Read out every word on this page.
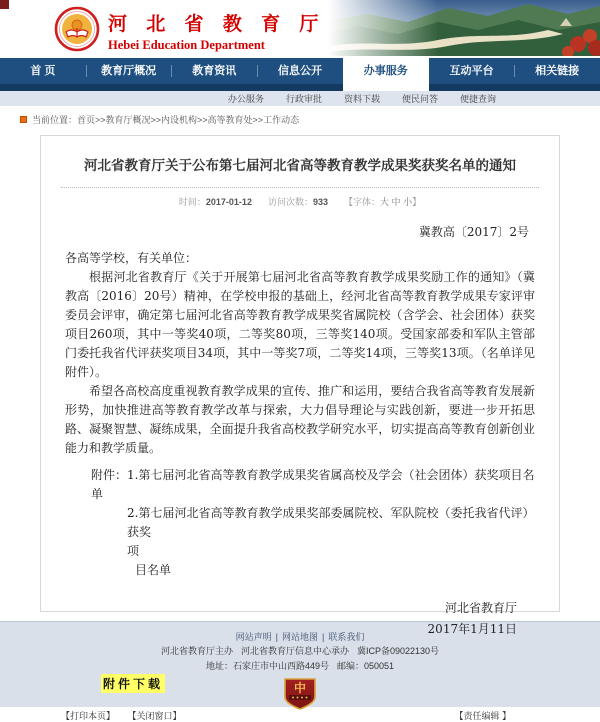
河 北 省 教 育 厅
Hebei Education Department
首 页	教育厅概况	教育资讯	信息公开	办事服务	互动平台	相关链接
办公服务 行政审批 资料下载 便民问答 便捷查询
当前位置： 首页>>教育厅概况>>内设机构>>高等教育处>>工作动态
河北省教育厅关于公布第七届河北省高等教育教学成果奖获奖名单的通知
时间：2017-01-12 访问次数：933 【字体：大 中 小】
冀教高〔2017〕2号
各高等学校，有关单位：
根据河北省教育厅《关于开展第七届河北省高等教育教学成果奖励工作的通知》（冀教高〔2016〕20号）精神，在学校申报的基础上，经河北省高等教育教学成果专家评审委员会评审，确定第七届河北省高等教育教学成果奖省属院校（含学会、社会团体）获奖项目260项，其中一等奖40项，二等奖80项，三等奖140项。受国家部委和军队主管部门委托我省代评获奖项目34项，其中一等奖7项，二等奖14项，三等奖13项。（名单详见附件）。
希望各高校高度重视教育教学成果的宣传、推广和运用，要结合我省高等教育发展新形势，加快推进高等教育教学改革与探索，大力倡导理论与实践创新，要进一步开拓思路、凝聚智慧、凝练成果，全面提升我省高校教学研究水平，切实提高高等教育创新创业能力和教学质量。
附件：1.第七届河北省高等教育教学成果奖省属高校及学会（社会团体）获奖项目名单
2.第七届河北省高等教育教学成果奖部委属院校、军队院校（委托我省代评）获奖
项
目名单
河北省教育厅
2017年1月11日
附件下载
【打印本页】 【关闭窗口】	【责任编辑 】
网站声明 | 网站地图 | 联系我们
河北省教育厅主办 河北省教育厅信息中心承办 冀ICP备09022130号
地址：石家庄市中山西路449号 邮编：050051
中
